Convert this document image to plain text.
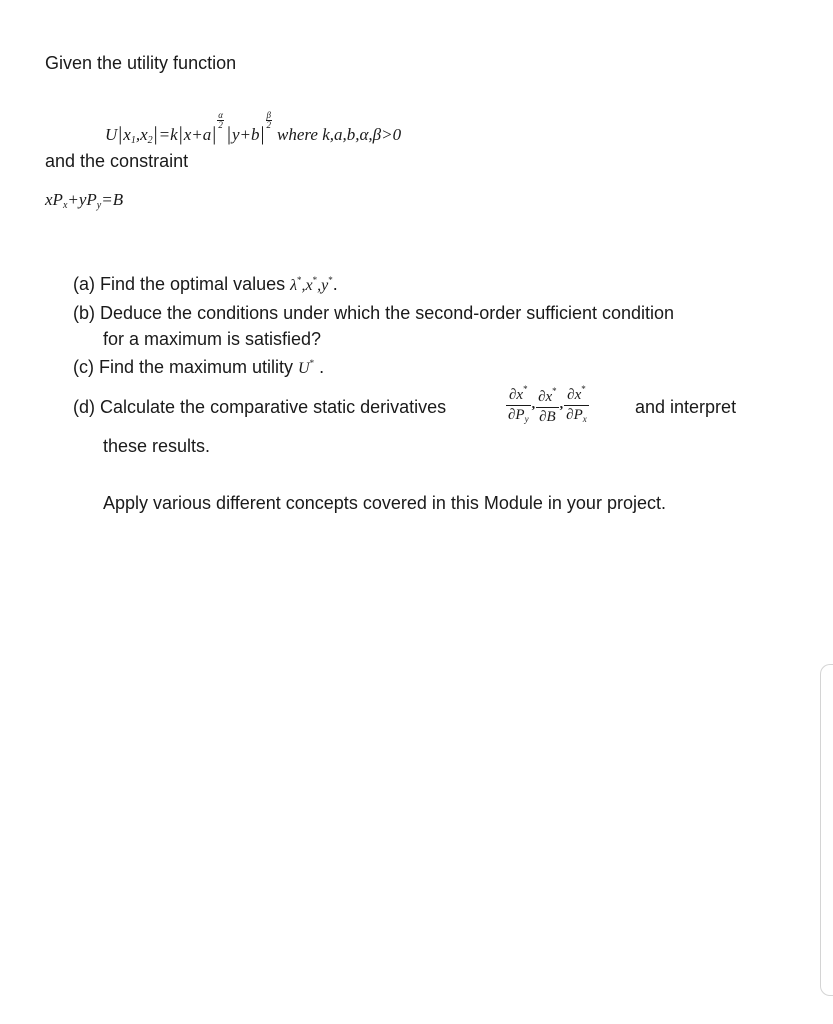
Given the utility function
$U|x_1,x_2|=k|x+a|$
$\frac{\alpha}{2}$
|y+b|
$\frac{\beta}{2}$
where k,a,b,α,β>0
and the constraint
$xP_x+yP_y=B$
(a) Find the optimal values λ*,x*,y*.
(b) Deduce the conditions under which the second-order sufficient condition
for a maximum is satisfied?
(c) Find the maximum utility U* .
(d) Calculate the comparative static derivatives	$\frac{\partial x^*}{\partial P_y}$ , $\frac{\partial x^*}{\partial B}$ , $\frac{\partial x^*}{\partial P_x}$	and interpret
these results.
Apply various different concepts covered in this Module in your project.
